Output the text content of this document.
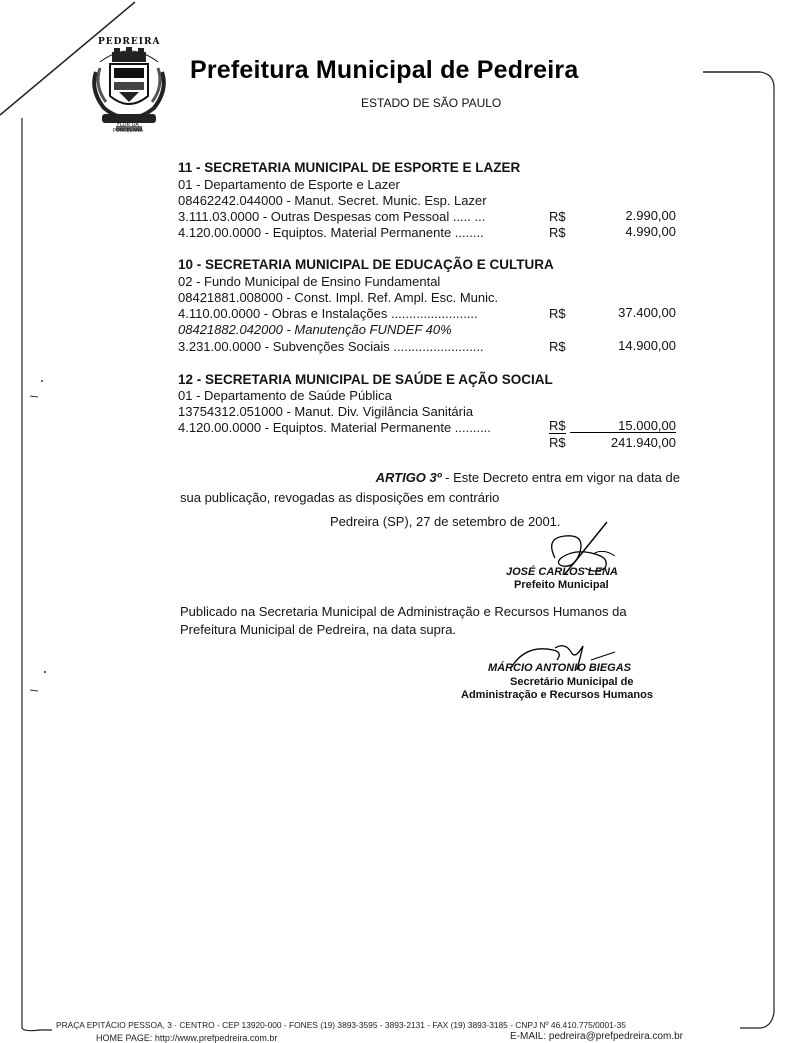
PEDREIRA
FLOR DA PORCELANA
Prefeitura Municipal de Pedreira
ESTADO DE SÃO PAULO
11 - SECRETARIA MUNICIPAL DE ESPORTE E LAZER
01 - Departamento de Esporte e Lazer
08462242.044000 - Manut. Secret. Munic. Esp. Lazer
3.111.03.0000 - Outras Despesas com Pessoal ..... ...	R$	2.990,00
4.120.00.0000 - Equiptos. Material Permanente ........	R$	4.990,00
10 - SECRETARIA MUNICIPAL DE EDUCAÇÃO E CULTURA
02 - Fundo Municipal de Ensino Fundamental
08421881.008000 - Const. Impl. Ref. Ampl. Esc. Munic.
4.110.00.0000 - Obras e Instalações ........................	R$	37.400,00
08421882.042000 - Manutenção FUNDEF 40%
3.231.00.0000 - Subvenções Sociais .........................	R$	14.900,00
12 - SECRETARIA MUNICIPAL DE SAÚDE E AÇÃO SOCIAL
01 - Departamento de Saúde Pública
13754312.051000 - Manut. Div. Vigilância Sanitária
4.120.00.0000 - Equiptos. Material Permanente ..........	R$	15.000,00
R$	241.940,00
ARTIGO 3º - Este Decreto entra em vigor na data de
sua publicação, revogadas as disposições em contrário
Pedreira (SP), 27 de setembro de 2001.
JOSÉ CARLOS LENA
Prefeito Municipal
Publicado na Secretaria Municipal de Administração e Recursos Humanos da
Prefeitura Municipal de Pedreira, na data supra.
MÁRCIO ANTONIO BIEGAS
Secretário Municipal de
Administração e Recursos Humanos
PRAÇA EPITÁCIO PESSOA, 3 · CENTRO - CEP 13920-000 - FONES (19) 3893-3595 - 3893-2131 - FAX (19) 3893-3185 - CNPJ Nº 46.410.775/0001-35
HOME PAGE: http://www.prefpedreira.com.br	E-MAIL: pedreira@prefpedreira.com.br
